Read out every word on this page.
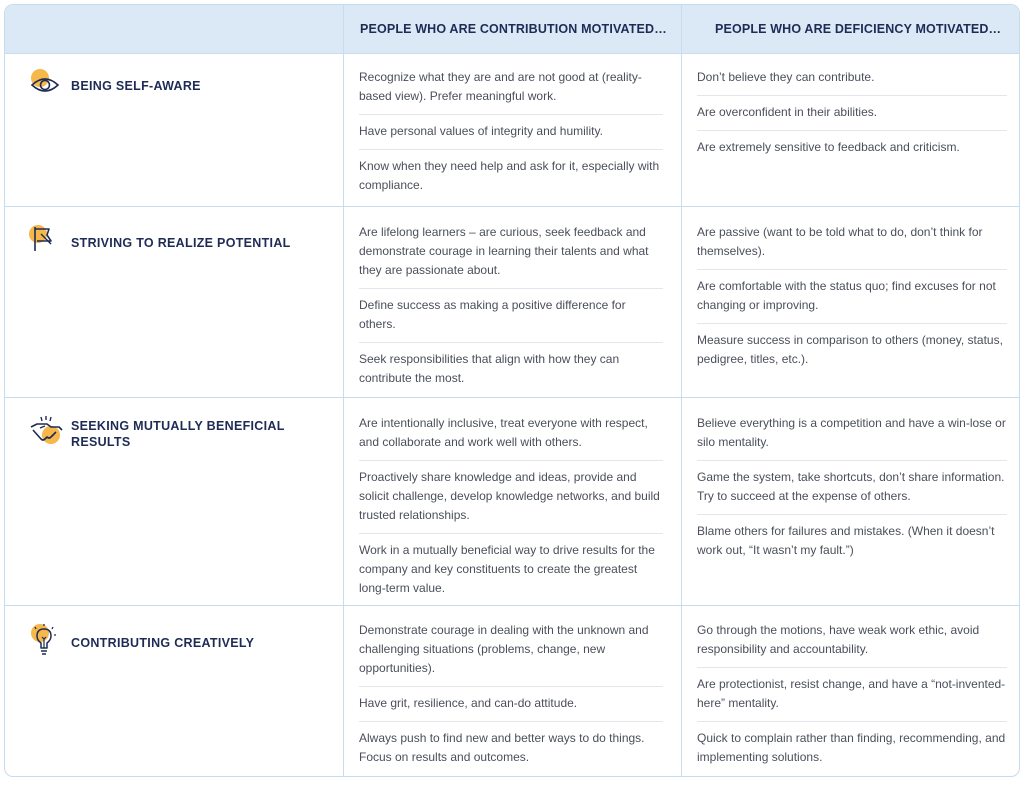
PEOPLE WHO ARE CONTRIBUTION MOTIVATED…	PEOPLE WHO ARE DEFICIENCY MOTIVATED…
BEING SELF-AWARE
Recognize what they are and are not good at (reality-based view). Prefer meaningful work.
Have personal values of integrity and humility.
Know when they need help and ask for it, especially with compliance.
Don’t believe they can contribute.
Are overconfident in their abilities.
Are extremely sensitive to feedback and criticism.
STRIVING TO REALIZE POTENTIAL
Are lifelong learners – are curious, seek feedback and demonstrate courage in learning their talents and what they are passionate about.
Define success as making a positive difference for others.
Seek responsibilities that align with how they can contribute the most.
Are passive (want to be told what to do, don’t think for themselves).
Are comfortable with the status quo; find excuses for not changing or improving.
Measure success in comparison to others (money, status, pedigree, titles, etc.).
SEEKING MUTUALLY BENEFICIAL RESULTS
Are intentionally inclusive, treat everyone with respect, and collaborate and work well with others.
Proactively share knowledge and ideas, provide and solicit challenge, develop knowledge networks, and build trusted relationships.
Work in a mutually beneficial way to drive results for the company and key constituents to create the greatest long-term value.
Believe everything is a competition and have a win-lose or silo mentality.
Game the system, take shortcuts, don’t share information. Try to succeed at the expense of others.
Blame others for failures and mistakes. (When it doesn’t work out, “It wasn’t my fault.”)
CONTRIBUTING CREATIVELY
Demonstrate courage in dealing with the unknown and challenging situations (problems, change, new opportunities).
Have grit, resilience, and can-do attitude.
Always push to find new and better ways to do things. Focus on results and outcomes.
Go through the motions, have weak work ethic, avoid responsibility and accountability.
Are protectionist, resist change, and have a “not-invented-here” mentality.
Quick to complain rather than finding, recommending, and implementing solutions.
